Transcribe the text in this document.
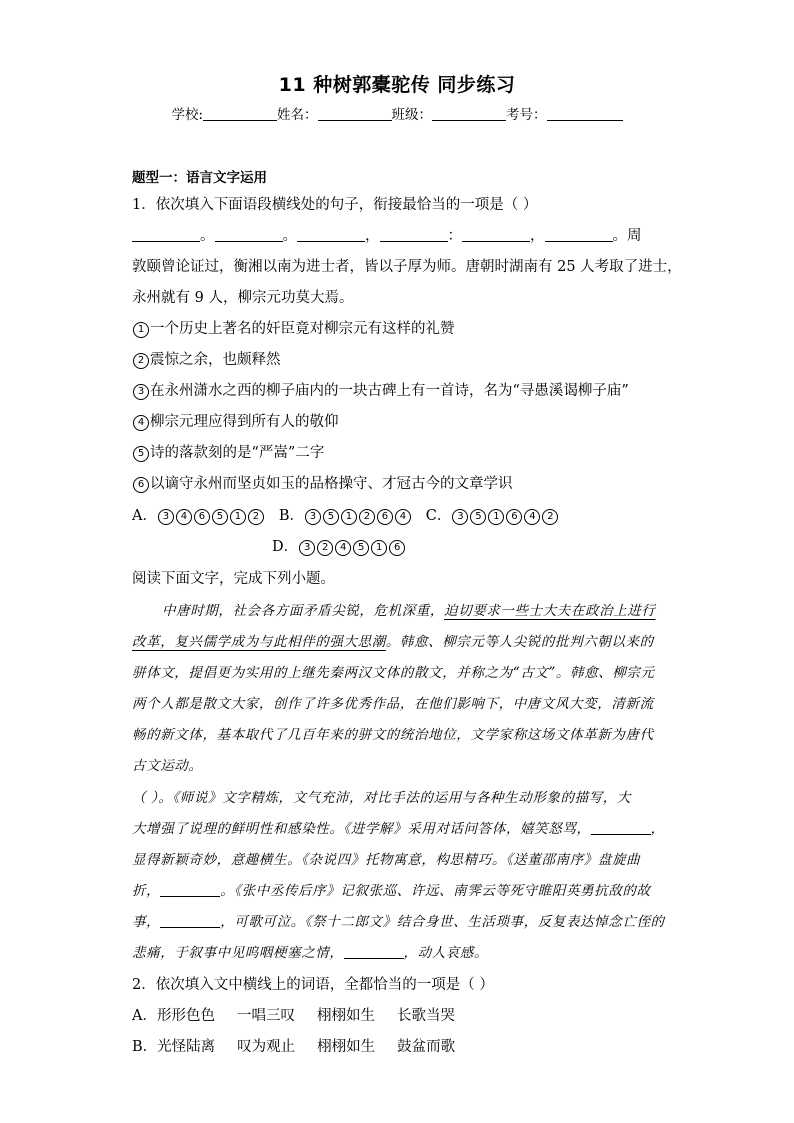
11 种树郭橐驼传 同步练习
学校:	姓名：	班级：	考号：
题型一：语言文字运用
1．依次填入下面语段横线处的句子，衔接最恰当的一项是（ ）
。	。	，	：	，	。周
敦颐曾论证过，衡湘以南为进士者，皆以子厚为师。唐朝时湖南有 25 人考取了进士，
永州就有 9 人，柳宗元功莫大焉。
1 一个历史上著名的奸臣竟对柳宗元有这样的礼赞
2 震惊之余，也颇释然
3 在永州潇水之西的柳子庙内的一块古碑上有一首诗，名为“寻愚溪谒柳子庙”
4 柳宗元理应得到所有人的敬仰
5 诗的落款刻的是“严嵩”二字
6 以谪守永州而坚贞如玉的品格操守、才冠古今的文章学识
A． 3 4 6 5 1 2 B． 3 5 1 2 6 4 C． 3 5 1 6 4 2
D． 3 2 4 5 1 6
阅读下面文字，完成下列小题。
中唐时期，社会各方面矛盾尖锐，危机深重，迫切要求一些士大夫在政治上进行
改革，复兴儒学成为与此相伴的强大思潮。韩愈、柳宗元等人尖锐的批判六朝以来的
骈体文，提倡更为实用的上继先秦两汉文体的散文，并称之为“古文”。韩愈、柳宗元
两个人都是散文大家，创作了许多优秀作品，在他们影响下，中唐文风大变，清新流
畅的新文体，基本取代了几百年来的骈文的统治地位，文学家称这场文体革新为唐代
古文运动。
（ ）。《师说》文字精炼，文气充沛，对比手法的运用与各种生动形象的描写，大
大增强了说理的鲜明性和感染性。《进学解》采用对话问答体，嬉笑怒骂，	，
显得新颖奇妙，意趣横生。《杂说四》托物寓意，构思精巧。《送董邵南序》盘旋曲
折，	。《张中丞传后序》记叙张巡、许远、南霁云等死守睢阳英勇抗敌的故
事，	，可歌可泣。《祭十二郎文》结合身世、生活琐事，反复表达悼念亡侄的
悲痛，于叙事中见呜咽梗塞之情，	，动人哀感。
2．依次填入文中横线上的词语，全都恰当的一项是（ ）
A．形形色色 一唱三叹 栩栩如生 长歌当哭
B．光怪陆离 叹为观止 栩栩如生 鼓盆而歌
